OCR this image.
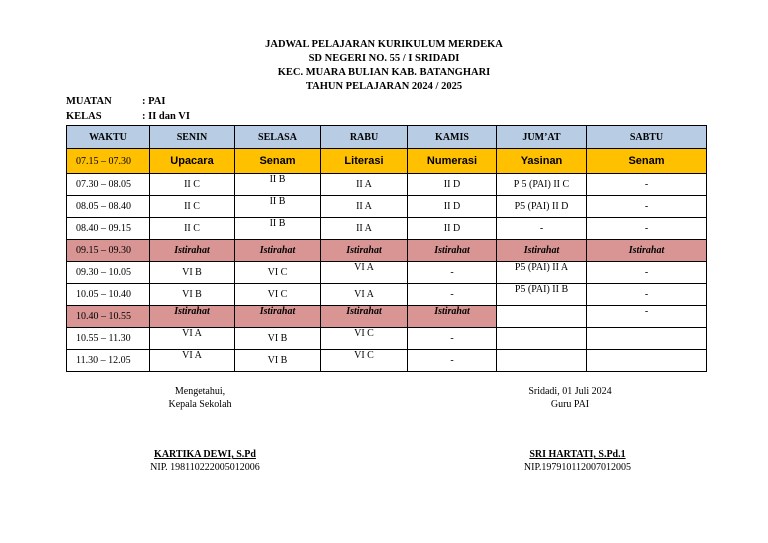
JADWAL PELAJARAN KURIKULUM MERDEKA
SD NEGERI NO. 55 / I SRIDADI
KEC. MUARA BULIAN KAB. BATANGHARI
TAHUN PELAJARAN 2024 / 2025
MUATAN	: PAI
KELAS	: II dan VI
WAKTU	SENIN	SELASA	RABU	KAMIS	JUM’AT	SABTU
07.15 – 07.30	Upacara	Senam	Literasi	Numerasi	Yasinan	Senam
07.30 – 08.05	II C	II B	II A	II D	P 5 (PAI) II C	-
08.05 – 08.40	II C	II B	II A	II D	P5 (PAI) II D	-
08.40 – 09.15	II C	II B	II A	II D	-	-
09.15 – 09.30	Istirahat	Istirahat	Istirahat	Istirahat	Istirahat	Istirahat
09.30 – 10.05	VI B	VI C	VI A	-	P5 (PAI) II A	-
10.05 – 10.40	VI B	VI C	VI A	-	P5 (PAI) II B	-
10.40 – 10.55	Istirahat	Istirahat	Istirahat	Istirahat		-
10.55 – 11.30	VI A	VI B	VI C	-		
11.30 – 12.05	VI A	VI B	VI C	-		
Mengetahui,
Kepala Sekolah
KARTIKA DEWI, S.Pd
NIP. 198110222005012006
Sridadi, 01 Juli 2024
Guru PAI
SRI HARTATI, S.Pd.1
NIP.197910112007012005
